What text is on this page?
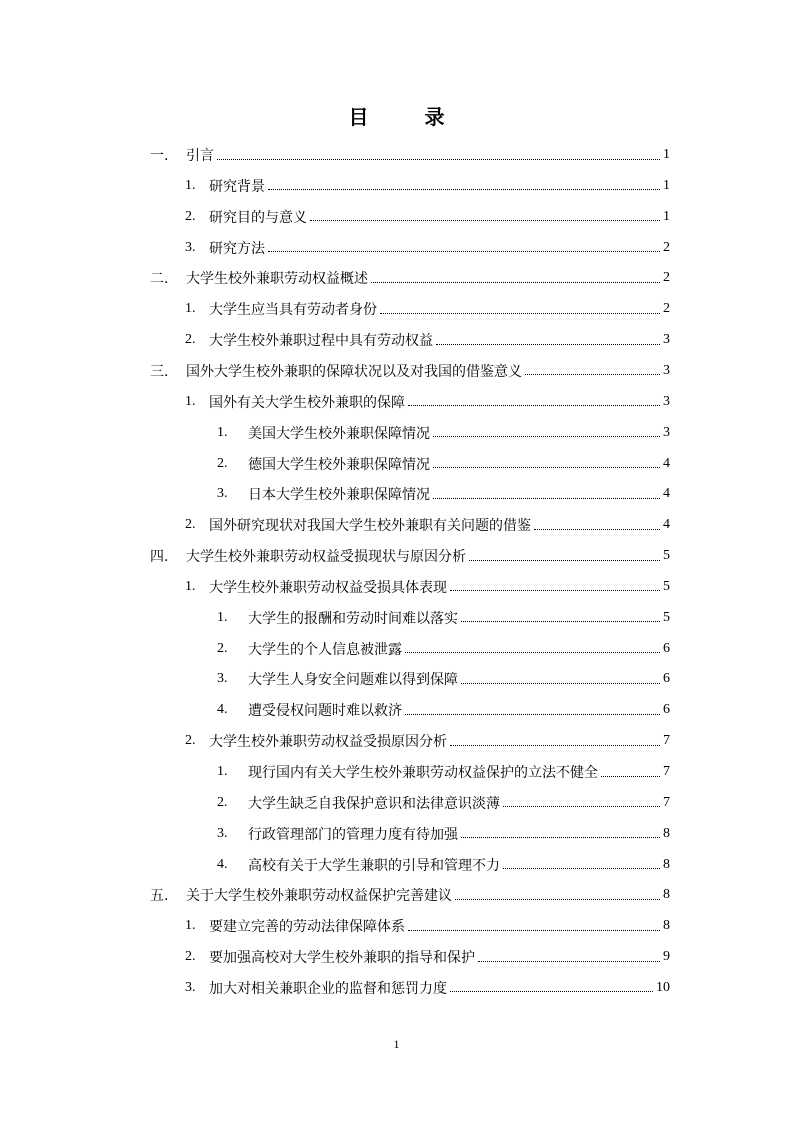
目　录
一.	引言	1
1. 研究背景	1
2. 研究目的与意义	1
3. 研究方法	2
二.	大学生校外兼职劳动权益概述	2
1. 大学生应当具有劳动者身份	2
2. 大学生校外兼职过程中具有劳动权益	3
三.	国外大学生校外兼职的保障状况以及对我国的借鉴意义	3
1. 国外有关大学生校外兼职的保障	3
1.	美国大学生校外兼职保障情况	3
2.	德国大学生校外兼职保障情况	4
3.	日本大学生校外兼职保障情况	4
2. 国外研究现状对我国大学生校外兼职有关问题的借鉴	4
四.	大学生校外兼职劳动权益受损现状与原因分析	5
1. 大学生校外兼职劳动权益受损具体表现	5
1.	大学生的报酬和劳动时间难以落实	5
2.	大学生的个人信息被泄露	6
3.	大学生人身安全问题难以得到保障	6
4.	遭受侵权问题时难以救济	6
2. 大学生校外兼职劳动权益受损原因分析	7
1.	现行国内有关大学生校外兼职劳动权益保护的立法不健全	7
2.	大学生缺乏自我保护意识和法律意识淡薄	7
3.	行政管理部门的管理力度有待加强	8
4.	高校有关于大学生兼职的引导和管理不力	8
五.	关于大学生校外兼职劳动权益保护完善建议	8
1. 要建立完善的劳动法律保障体系	8
2. 要加强高校对大学生校外兼职的指导和保护	9
3. 加大对相关兼职企业的监督和惩罚力度	10
1
